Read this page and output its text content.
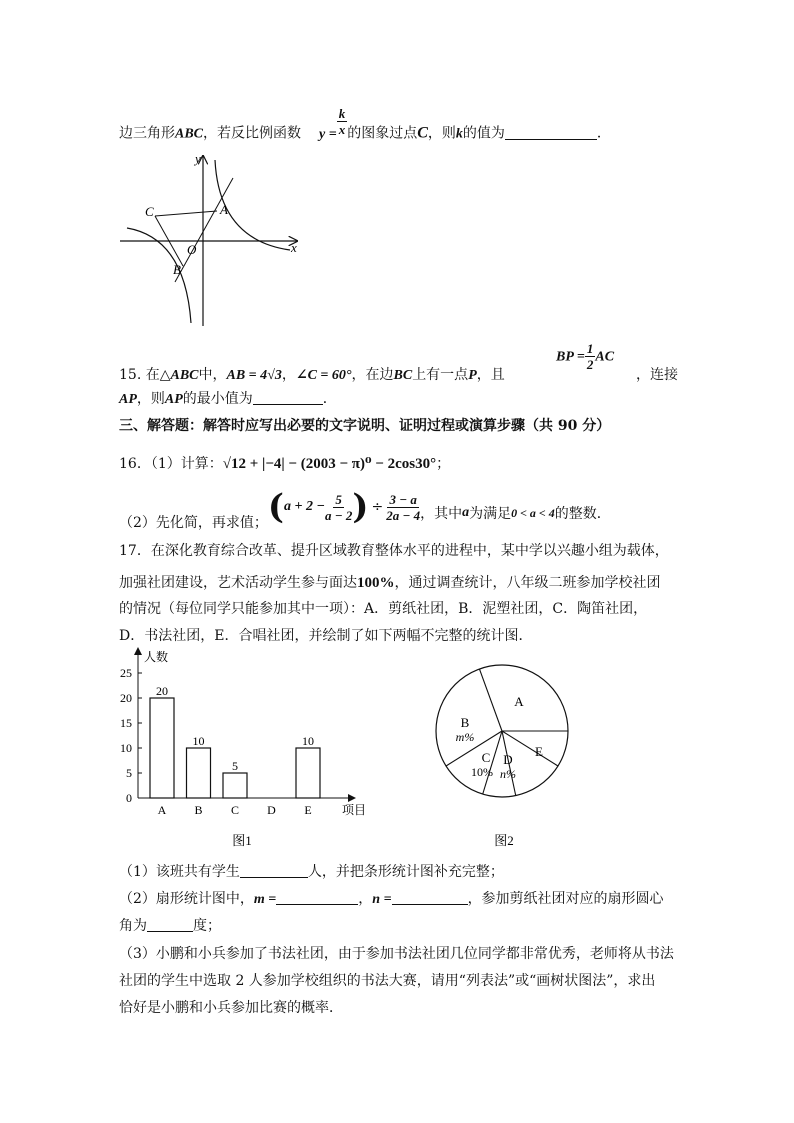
边三角形ABC，若反比例函数 $y = \frac{k}{x}$ 的图象过点C，则k的值为	．
y
x
C	A
O
B
15. 在△ABC中，AB = 4√3，∠C = 60°，在边BC上有一点P，且
BP = $\frac{1}{2}$ AC
，连接
AP，则AP的最小值为	．
三、解答题：解答时应写出必要的文字说明、证明过程或演算步骤（共 90 分）
16．（1）计算：√12 + |−4| − (2003 − π)⁰ − 2cos30°；
（2）先化简，再求值； ( $a + 2 - \frac{5}{a - 2}$ ) ÷ $\frac{3 - a}{2a - 4}$ ，其中 a 为满足 0 < a < 4 的整数．
17．在深化教育综合改革、提升区域教育整体水平的进程中，某中学以兴趣小组为载体，
加强社团建设，艺术活动学生参与面达100%，通过调查统计，八年级二班参加学校社团
的情况（每位同学只能参加其中一项）：A．剪纸社团，B．泥塑社团，C．陶笛社团，
D．书法社团，E．合唱社团，并绘制了如下两幅不完整的统计图．
人数
项目
0
5
10
15
20
25
20
A
10
B
5
C D
10
E
图1
A
B
m%
C
10%
D
n%
E
图2
（1）该班共有学生	人，并把条形统计图补充完整；
（2）扇形统计图中，m =	，n =	，参加剪纸社团对应的扇形圆心
角为	度；
（3）小鹏和小兵参加了书法社团，由于参加书法社团几位同学都非常优秀，老师将从书法
社团的学生中选取 2 人参加学校组织的书法大赛，请用“列表法”或“画树状图法”，求出
恰好是小鹏和小兵参加比赛的概率．
